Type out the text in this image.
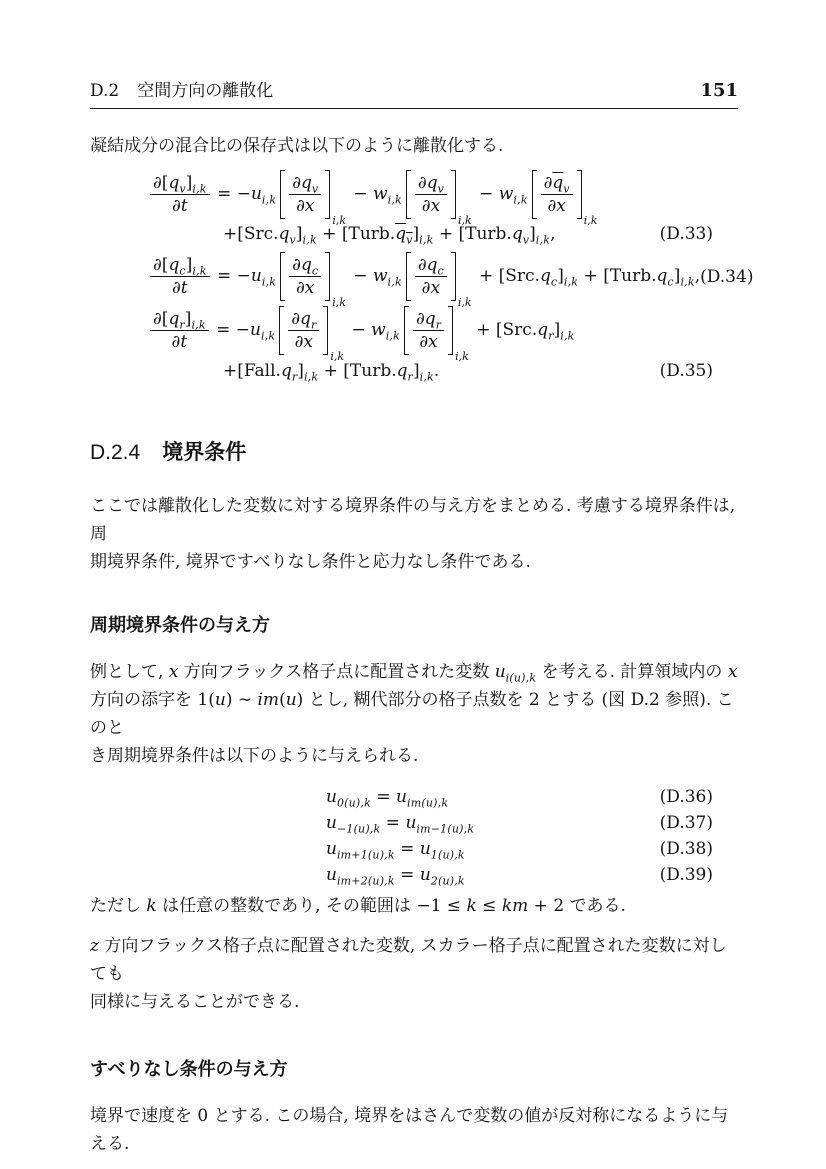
D.2 空間方向の離散化	151

凝結成分の混合比の保存式は以下のように離散化する.

$\frac{\partial[q_v]_{i,k}}{\partial t} = -u_{i,k} \frac{\partial q_v}{\partial x}$
i,k
− $w_{i,k} \frac{\partial q_v}{\partial x}$
i,k
− $w_{i,k} \frac{\partial\overline{q}_v}{\partial x}$
i,k
$+[Src.q_v]_{i,k}$ + $[Turb.q_v]_{i,k}$ + $[Turb.q_v]_{i,k}$,	(D.33)
$\frac{\partial[q_c]_{i,k}}{\partial t} = -u_{i,k} \frac{\partial q_c}{\partial x}$
i,k
− $w_{i,k} \frac{\partial q_c}{\partial x}$
i,k
+ $[Src.q_c]_{i,k}$ + $[Turb.q_c]_{i,k}$, (D.34)
$\frac{\partial[q_r]_{i,k}}{\partial t} = -u_{i,k} \frac{\partial q_r}{\partial x}$
i,k
− $w_{i,k} \frac{\partial q_r}{\partial x}$
i,k
+ $[Src.q_r]_{i,k}$
$+[Fall.q_r]_{i,k}$ + $[Turb.q_r]_{i,k}$.	(D.35)
D.2.4 境界条件

ここでは離散化した変数に対する境界条件の与え方をまとめる. 考慮する境界条件は, 周
期境界条件, 境界ですべりなし条件と応力なし条件である.

周期境界条件の与え方

例として, x 方向フラックス格子点に配置された変数 $u_{i(u),k}$ を考える. 計算領域内の x
方向の添字を 1(u) ∼ im(u) とし, 糊代部分の格子点数を 2 とする (図 D.2 参照). このと
き周期境界条件は以下のように与えられる.

$u_{0(u),k} = u_{im(u),k}$	(D.36)
$u_{-1(u),k} = u_{im-1(u),k}$	(D.37)
$u_{im+1(u),k} = u_{1(u),k}$	(D.38)
$u_{im+2(u),k} = u_{2(u),k}$	(D.39)

ただし k は任意の整数であり, その範囲は −1 ≤ k ≤ km + 2 である.

z 方向フラックス格子点に配置された変数, スカラー格子点に配置された変数に対しても
同様に与えることができる.

すべりなし条件の与え方

境界で速度を 0 とする. この場合, 境界をはさんで変数の値が反対称になるように与える.
